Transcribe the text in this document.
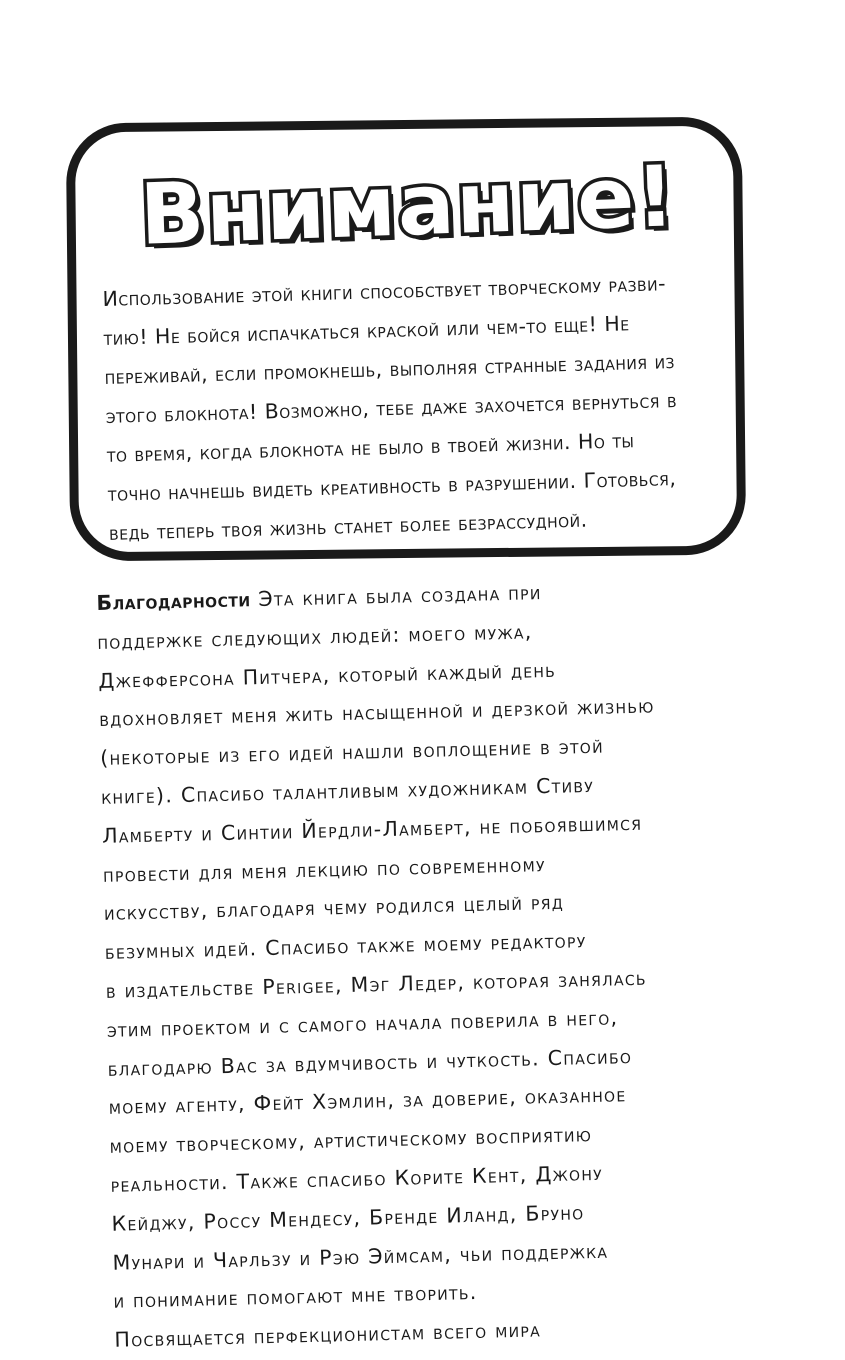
Внимание!
Использование этой книги способствует творческому разви-
тию! Не бойся испачкаться краской или чем-то еще! Не
переживай, если промокнешь, выполняя странные задания из
этого блокнота! Возможно, тебе даже захочется вернуться в
то время, когда блокнота не было в твоей жизни. Но ты
точно начнешь видеть креативность в разрушении. Готовься,
ведь теперь твоя жизнь станет более безрассудной.
Благодарности Эта книга была создана при
поддержке следующих людей: моего мужа,
Джефферсона Питчера, который каждый день
вдохновляет меня жить насыщенной и дерзкой жизнью
(некоторые из его идей нашли воплощение в этой
книге). Спасибо талантливым художникам Стиву
Ламберту и Синтии Йердли-Ламберт, не побоявшимся
провести для меня лекцию по современному
искусству, благодаря чему родился целый ряд
безумных идей. Спасибо также моему редактору
в издательстве Perigee, Мэг Ледер, которая занялась
этим проектом и с самого начала поверила в него,
благодарю Вас за вдумчивость и чуткость. Спасибо
моему агенту, Фейт Хэмлин, за доверие, оказанное
моему творческому, артистическому восприятию
реальности. Также спасибо Корите Кент, Джону
Кейджу, Россу Мендесу, Бренде Иланд, Бруно
Мунари и Чарльзу и Рэю Эймсам, чьи поддержка
и понимание помогают мне творить.
Посвящается перфекционистам всего мира
